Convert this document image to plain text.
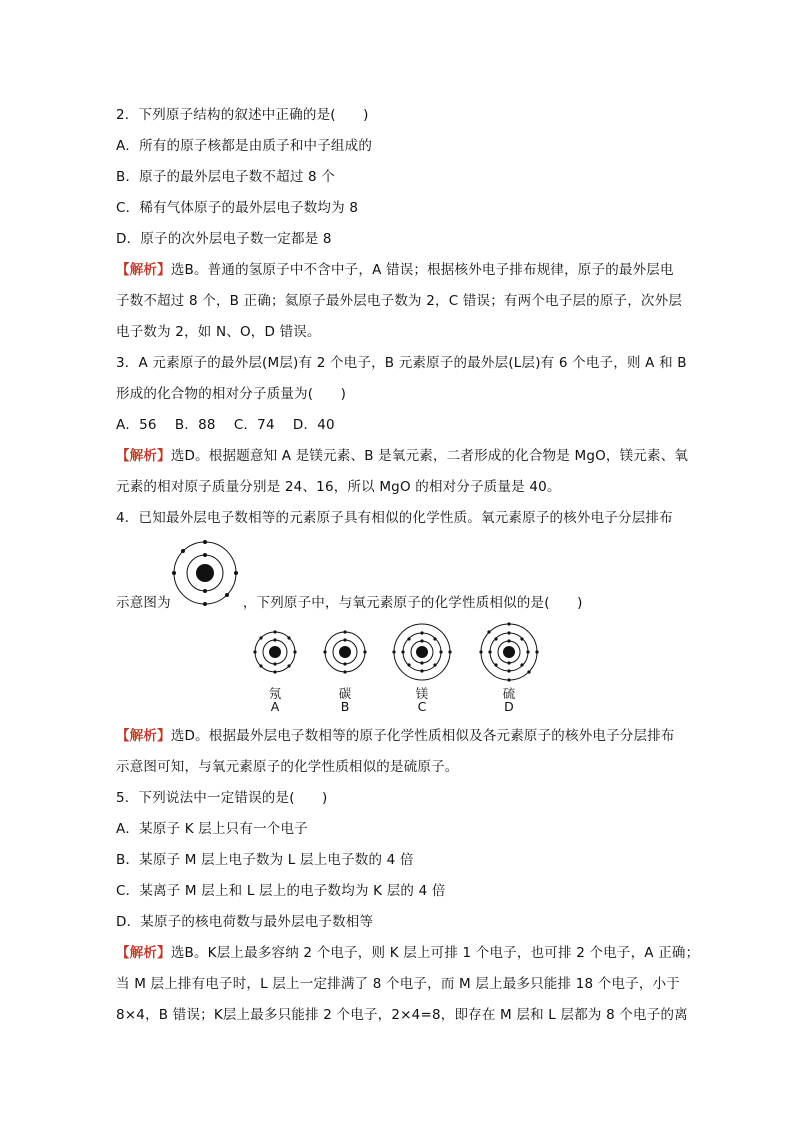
2．下列原子结构的叙述中正确的是(　　)
A．所有的原子核都是由质子和中子组成的
B．原子的最外层电子数不超过 8 个
C．稀有气体原子的最外层电子数均为 8
D．原子的次外层电子数一定都是 8
【解析】选B。普通的氢原子中不含中子，A 错误；根据核外电子排布规律，原子的最外层电
子数不超过 8 个，B 正确；氦原子最外层电子数为 2，C 错误；有两个电子层的原子，次外层
电子数为 2，如 N、O，D 错误。
3．A 元素原子的最外层(M层)有 2 个电子，B 元素原子的最外层(L层)有 6 个电子，则 A 和 B
形成的化合物的相对分子质量为(　　)
A．56　 B．88　 C．74　 D．40
【解析】选D。根据题意知 A 是镁元素、B 是氧元素，二者形成的化合物是 MgO，镁元素、氧
元素的相对原子质量分别是 24、16，所以 MgO 的相对分子质量是 40。
4．已知最外层电子数相等的元素原子具有相似的化学性质。氧元素原子的核外电子分层排布
示意图为	，下列原子中，与氧元素原子的化学性质相似的是(　　)
氖	碳	镁	硫
A	B	C	D
【解析】选D。根据最外层电子数相等的原子化学性质相似及各元素原子的核外电子分层排布
示意图可知，与氧元素原子的化学性质相似的是硫原子。
5．下列说法中一定错误的是(　　)
A．某原子 K 层上只有一个电子
B．某原子 M 层上电子数为 L 层上电子数的 4 倍
C．某离子 M 层上和 L 层上的电子数均为 K 层的 4 倍
D．某原子的核电荷数与最外层电子数相等
【解析】选B。K层上最多容纳 2 个电子，则 K 层上可排 1 个电子，也可排 2 个电子，A 正确；
当 M 层上排有电子时，L 层上一定排满了 8 个电子，而 M 层上最多只能排 18 个电子，小于
8×4，B 错误；K层上最多只能排 2 个电子，2×4=8，即存在 M 层和 L 层都为 8 个电子的离
